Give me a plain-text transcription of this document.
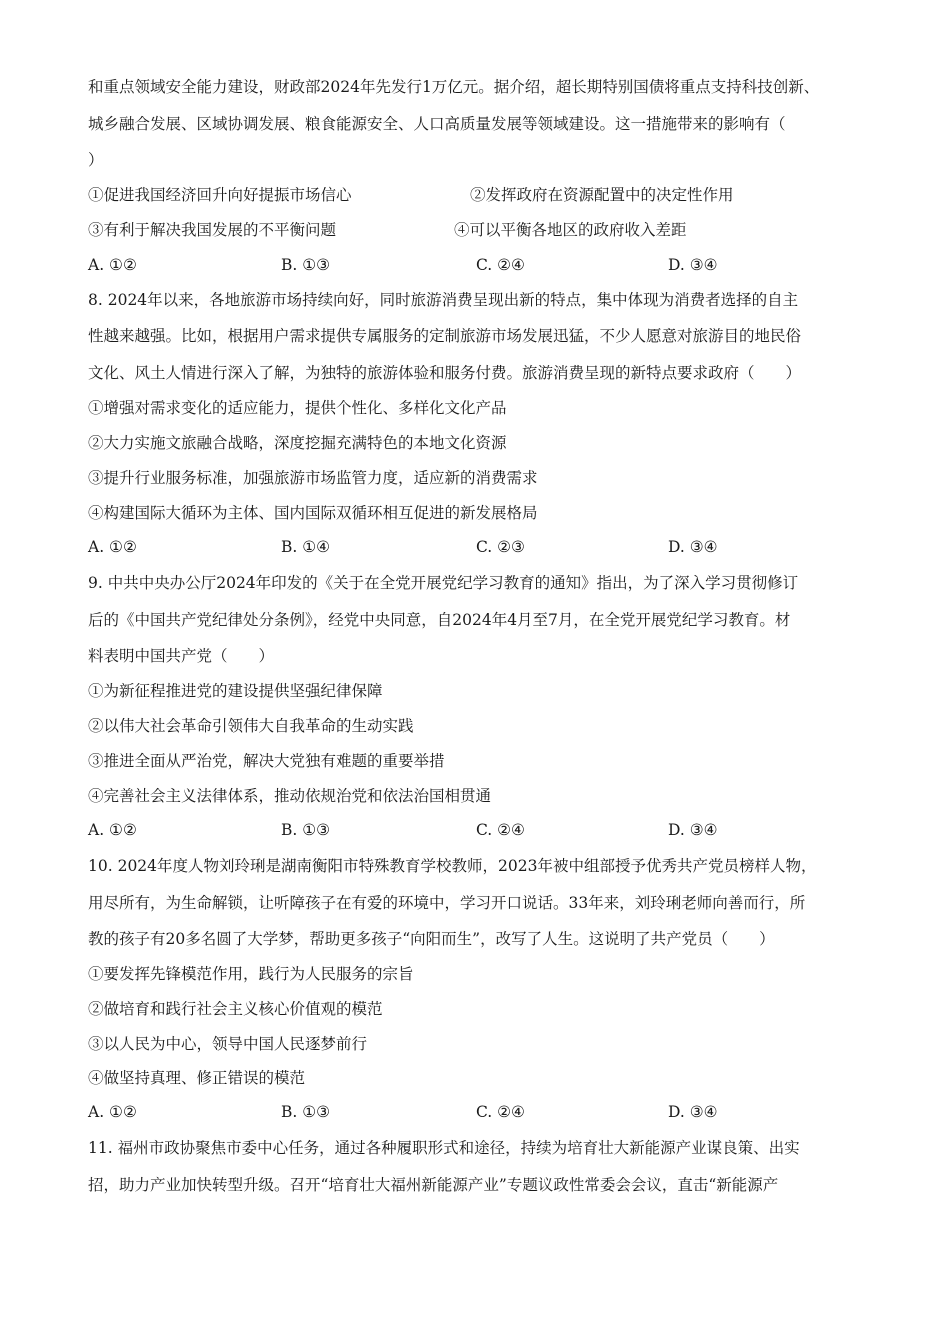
和重点领域安全能力建设，财政部2024年先发行1万亿元。据介绍，超长期特别国债将重点支持科技创新、
城乡融合发展、区域协调发展、粮食能源安全、人口高质量发展等领域建设。这一措施带来的影响有（
）
①促进我国经济回升向好提振市场信心	②发挥政府在资源配置中的决定性作用
③有利于解决我国发展的不平衡问题	④可以平衡各地区的政府收入差距
A. ①②	B. ①③	C. ②④	D. ③④
8. 2024年以来，各地旅游市场持续向好，同时旅游消费呈现出新的特点，集中体现为消费者选择的自主
性越来越强。比如，根据用户需求提供专属服务的定制旅游市场发展迅猛，不少人愿意对旅游目的地民俗
文化、风土人情进行深入了解，为独特的旅游体验和服务付费。旅游消费呈现的新特点要求政府（　　）
①增强对需求变化的适应能力，提供个性化、多样化文化产品
②大力实施文旅融合战略，深度挖掘充满特色的本地文化资源
③提升行业服务标准，加强旅游市场监管力度，适应新的消费需求
④构建国际大循环为主体、国内国际双循环相互促进的新发展格局
A. ①②	B. ①④	C. ②③	D. ③④
9. 中共中央办公厅2024年印发的《关于在全党开展党纪学习教育的通知》指出，为了深入学习贯彻修订
后的《中国共产党纪律处分条例》，经党中央同意，自2024年4月至7月，在全党开展党纪学习教育。材
料表明中国共产党（　　）
①为新征程推进党的建设提供坚强纪律保障
②以伟大社会革命引领伟大自我革命的生动实践
③推进全面从严治党，解决大党独有难题的重要举措
④完善社会主义法律体系，推动依规治党和依法治国相贯通
A. ①②	B. ①③	C. ②④	D. ③④
10. 2024年度人物刘玲琍是湖南衡阳市特殊教育学校教师，2023年被中组部授予优秀共产党员榜样人物，
用尽所有，为生命解锁，让听障孩子在有爱的环境中，学习开口说话。33年来，刘玲琍老师向善而行，所
教的孩子有20多名圆了大学梦，帮助更多孩子“向阳而生”，改写了人生。这说明了共产党员（　　）
①要发挥先锋模范作用，践行为人民服务的宗旨
②做培育和践行社会主义核心价值观的模范
③以人民为中心，领导中国人民逐梦前行
④做坚持真理、修正错误的模范
A. ①②	B. ①③	C. ②④	D. ③④
11. 福州市政协聚焦市委中心任务，通过各种履职形式和途径，持续为培育壮大新能源产业谋良策、出实
招，助力产业加快转型升级。召开“培育壮大福州新能源产业”专题议政性常委会会议，直击“新能源产
